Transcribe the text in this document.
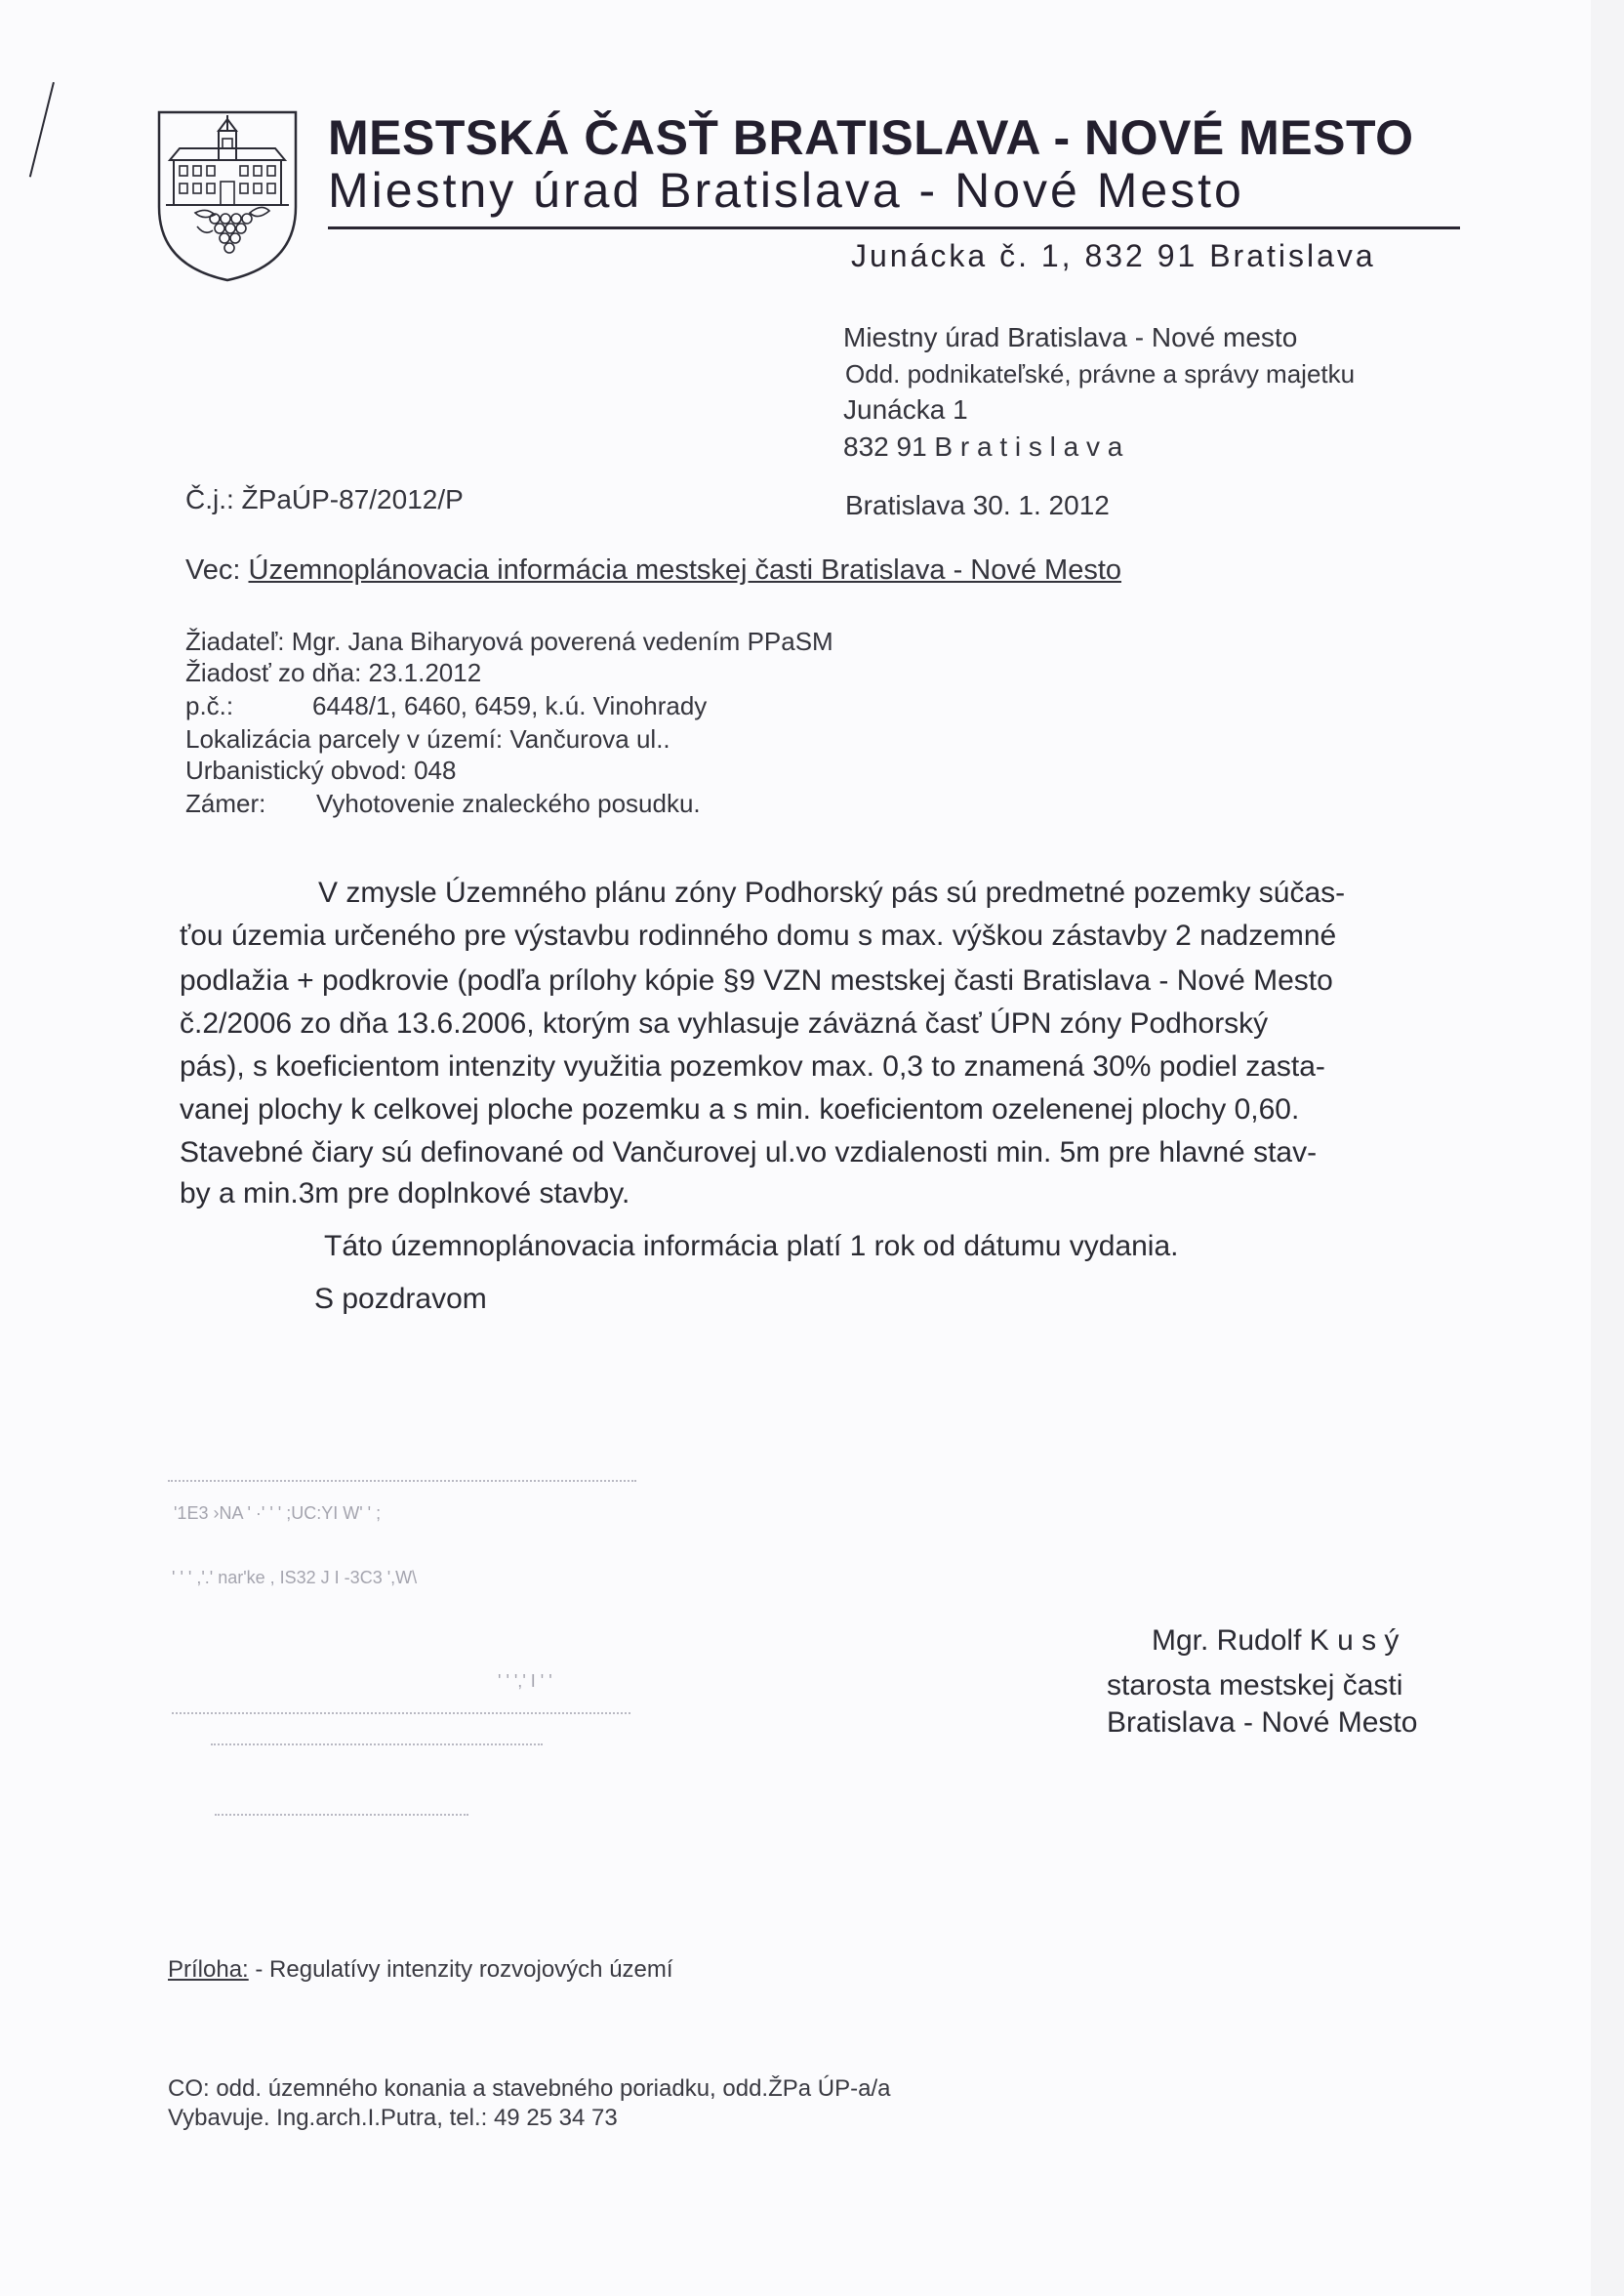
MESTSKÁ ČASŤ BRATISLAVA - NOVÉ MESTO
Miestny úrad Bratislava - Nové Mesto
Junácka č. 1, 832 91 Bratislava
Miestny úrad Bratislava - Nové mesto
Odd. podnikateľské, právne a správy majetku
Junácka 1
832 91 B r a t i s l a v a
Č.j.: ŽPaÚP-87/2012/P	Bratislava 30. 1. 2012
Vec: Územnoplánovacia informácia mestskej časti Bratislava - Nové Mesto
Žiadateľ: Mgr. Jana Biharyová poverená vedením PPaSM
Žiadosť zo dňa: 23.1.2012
p.č.:	6448/1, 6460, 6459, k.ú. Vinohrady
Lokalizácia parcely v území: Vančurova ul..
Urbanistický obvod: 048
Zámer: Vyhotovenie znaleckého posudku.
V zmysle Územného plánu zóny Podhorský pás sú predmetné pozemky súčas-
ťou územia určeného pre výstavbu rodinného domu s max. výškou zástavby 2 nadzemné
podlažia + podkrovie (podľa prílohy kópie §9 VZN mestskej časti Bratislava - Nové Mesto
č.2/2006 zo dňa 13.6.2006, ktorým sa vyhlasuje záväzná časť ÚPN zóny Podhorský
pás), s koeficientom intenzity využitia pozemkov max. 0,3 to znamená 30% podiel zasta-
vanej plochy k celkovej ploche pozemku a s min. koeficientom ozelenenej plochy 0,60.
Stavebné čiary sú definované od Vančurovej ul.vo vzdialenosti min. 5m pre hlavné stav-
by a min.3m pre doplnkové stavby.
Táto územnoplánovacia informácia platí 1 rok od dátumu vydania.
S pozdravom
'1E3 ›NA ' ·' ' ' ;UC:YI W' ' ;
' ' ' ,'.' nar'ke , IS32 J I -3C3 ',W\
' ' ',' I ' '
Mgr. Rudolf K u s ý
starosta mestskej časti
Bratislava - Nové Mesto
Príloha: - Regulatívy intenzity rozvojových území
CO: odd. územného konania a stavebného poriadku, odd.ŽPa ÚP-a/a
Vybavuje. Ing.arch.I.Putra, tel.: 49 25 34 73
